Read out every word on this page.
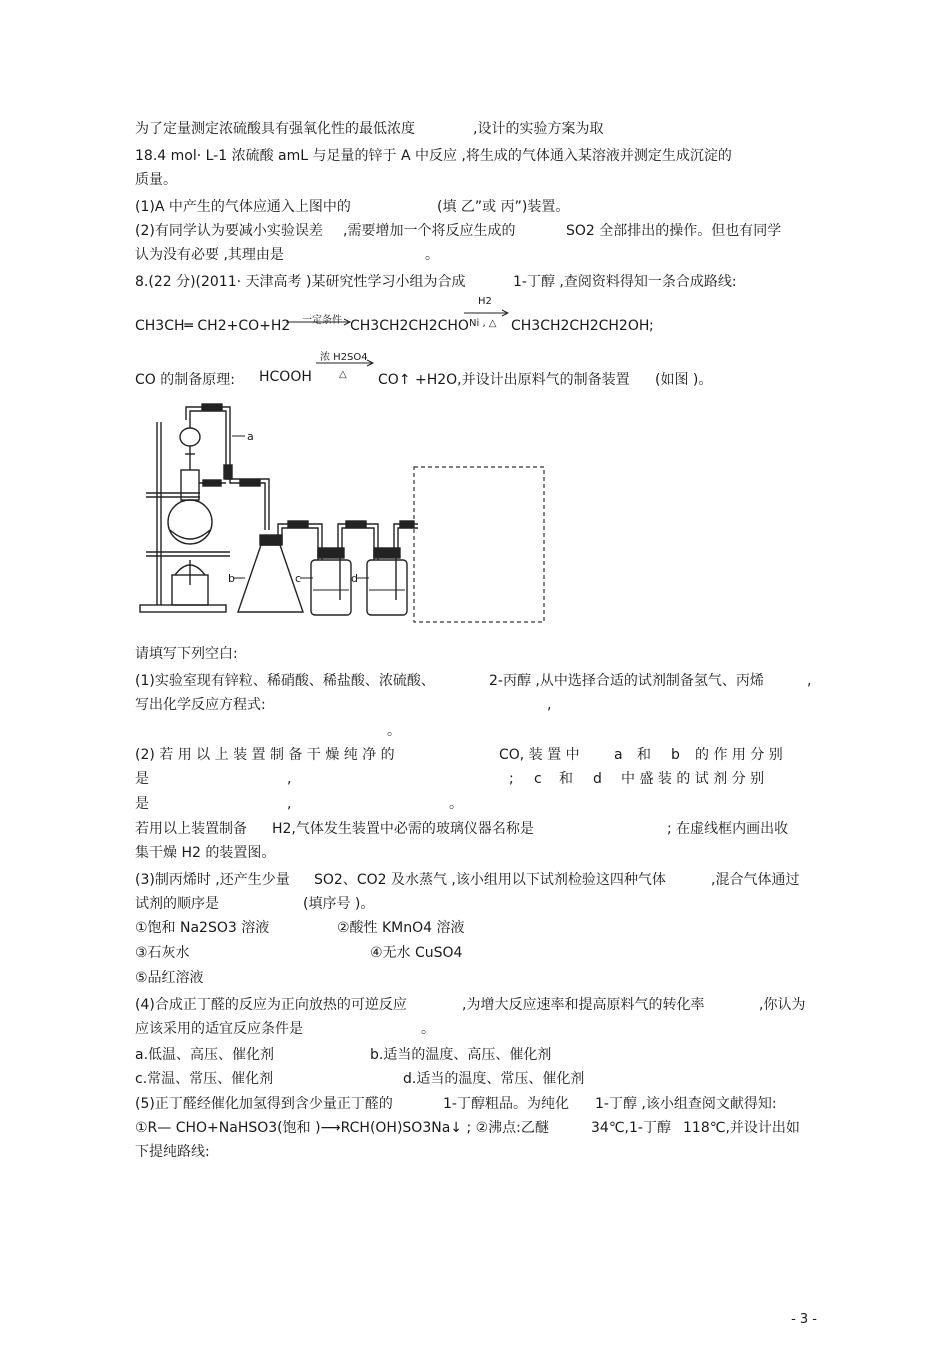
为了定量测定浓硫酸具有强氧化性的最低浓度	,设计的实验方案为取
18.4 mol· L-1 浓硫酸 amL 与足量的锌于 A 中反应 ,将生成的气体通入某溶液并测定生成沉淀的
质量。
(1)A 中产生的气体应通入上图中的	(填 乙”或 丙”)装置。
(2)有同学认为要减小实验误差 ,需要增加一个将反应生成的	SO2 全部排出的操作。但也有同学
认为没有必要 ,其理由是	。
8.(22 分)(2011· 天津高考 )某研究性学习小组为合成	1-丁醇 ,查阅资料得知一条合成路线:
CH3CH═ CH2+CO+H2 一定条件 CH3CH2CH2CHO
H2
Ni , △ CH3CH2CH2CH2OH ;
CO 的制备原理: HCOOH
浓 H2SO4
△ CO↑ +H2O,并设计出原料气的制备装置 (如图 )。
a
b	c	d
请填写下列空白:
(1)实验室现有锌粒、稀硝酸、稀盐酸、浓硫酸、	2-丙醇 ,从中选择合适的试剂制备氢气、丙烯	,
写出化学反应方程式:	,
。
(2) 若 用 以 上 装 置 制 备 干 燥 纯 净 的	CO, 装 置 中 a 和 b 的 作 用 分 别
是	,	; c 和 d 中 盛 装 的 试 剂 分 别
是	,	。
若用以上装置制备 H2,气体发生装置中必需的玻璃仪器名称是	; 在虚线框内画出收
集干燥 H2 的装置图。
(3)制丙烯时 ,还产生少量 SO2、CO2 及水蒸气 ,该小组用以下试剂检验这四种气体	,混合气体通过
试剂的顺序是	(填序号 )。
①饱和 Na2SO3 溶液	②酸性 KMnO4 溶液
③石灰水	④无水 CuSO4
⑤品红溶液
(4)合成正丁醛的反应为正向放热的可逆反应	,为增大反应速率和提高原料气的转化率	,你认为
应该采用的适宜反应条件是	。
a.低温、高压、催化剂	b.适当的温度、高压、催化剂
c.常温、常压、催化剂	d.适当的温度、常压、催化剂
(5)正丁醛经催化加氢得到含少量正丁醛的	1-丁醇粗品。为纯化 1-丁醇 ,该小组查阅文献得知:
①R— CHO+NaHSO3(饱和 )⟶RCH(OH)SO3Na↓ ; ②沸点:乙醚	34℃,1-丁醇 118℃,并设计出如
下提纯路线:
- 3 -
